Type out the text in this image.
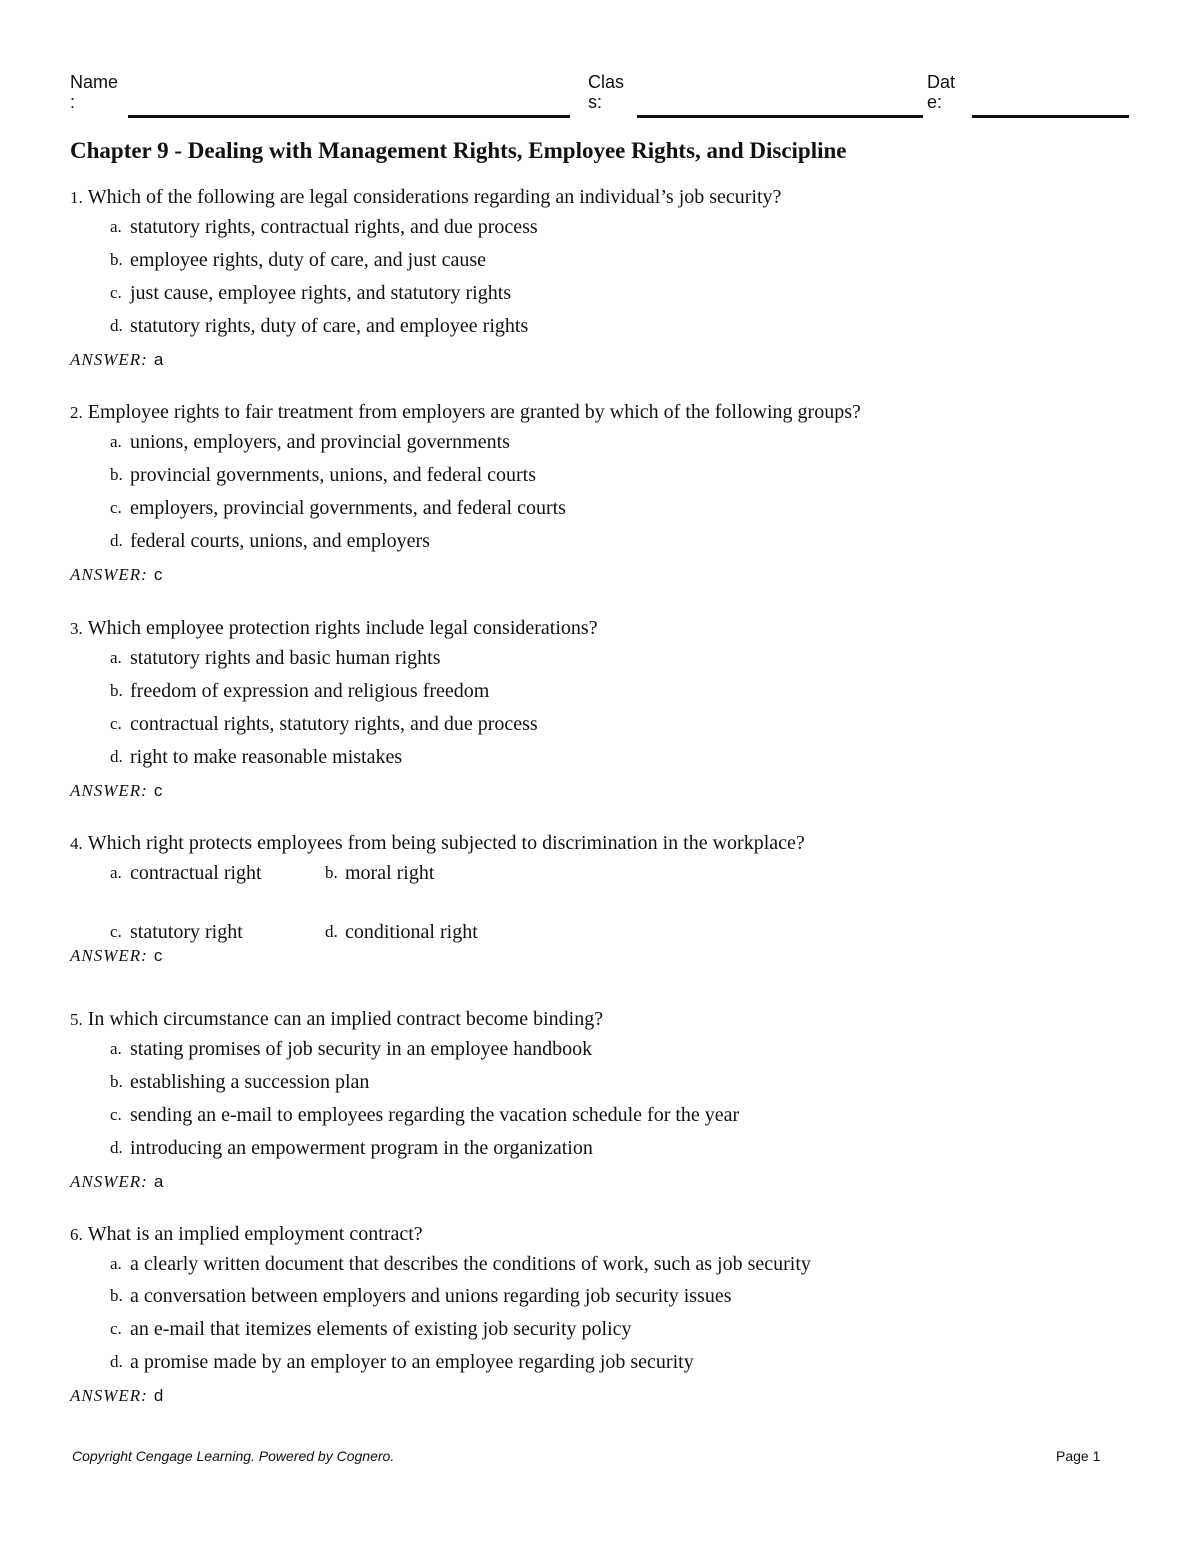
Name
:
Clas
s:
Dat
e:
Chapter 9 - Dealing with Management Rights, Employee Rights, and Discipline
1. Which of the following are legal considerations regarding an individual’s job security?
a. statutory rights, contractual rights, and due process
b. employee rights, duty of care, and just cause
c. just cause, employee rights, and statutory rights
d. statutory rights, duty of care, and employee rights
ANSWER: a
2. Employee rights to fair treatment from employers are granted by which of the following groups?
a. unions, employers, and provincial governments
b. provincial governments, unions, and federal courts
c. employers, provincial governments, and federal courts
d. federal courts, unions, and employers
ANSWER: c
3. Which employee protection rights include legal considerations?
a. statutory rights and basic human rights
b. freedom of expression and religious freedom
c. contractual rights, statutory rights, and due process
d. right to make reasonable mistakes
ANSWER: c
4. Which right protects employees from being subjected to discrimination in the workplace?
a. contractual right	b. moral right
c. statutory right	d. conditional right
ANSWER: c
5. In which circumstance can an implied contract become binding?
a. stating promises of job security in an employee handbook
b. establishing a succession plan
c. sending an e-mail to employees regarding the vacation schedule for the year
d. introducing an empowerment program in the organization
ANSWER: a
6. What is an implied employment contract?
a. a clearly written document that describes the conditions of work, such as job security
b. a conversation between employers and unions regarding job security issues
c. an e-mail that itemizes elements of existing job security policy
d. a promise made by an employer to an employee regarding job security
ANSWER: d
Copyright Cengage Learning. Powered by Cognero.	Page 1
